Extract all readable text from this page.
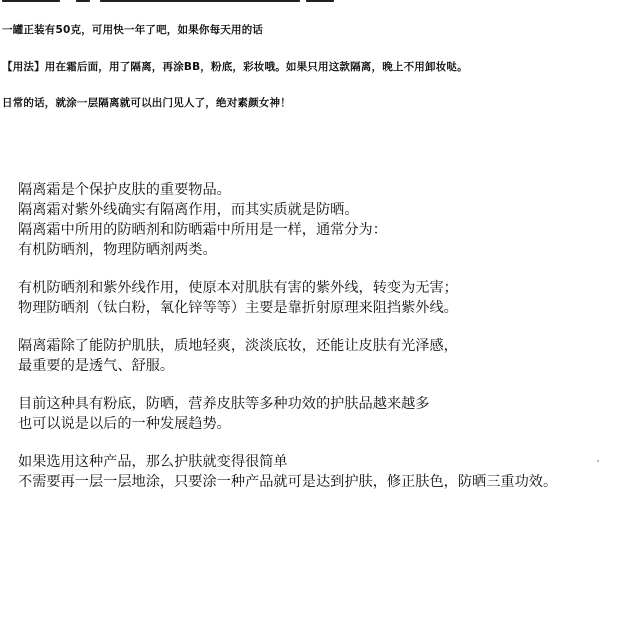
一罐正装有50克，可用快一年了吧，如果你每天用的话
【用法】用在霜后面，用了隔离，再涂BB，粉底，彩妆哦。如果只用这款隔离，晚上不用卸妆哒。
日常的话，就涂一层隔离就可以出门见人了，绝对素颜女神！
隔离霜是个保护皮肤的重要物品。
隔离霜对紫外线确实有隔离作用，而其实质就是防晒。
隔离霜中所用的防晒剂和防晒霜中所用是一样，通常分为：
有机防晒剂，物理防晒剂两类。
有机防晒剂和紫外线作用，使原本对肌肤有害的紫外线，转变为无害；
物理防晒剂（钛白粉，氧化锌等等）主要是靠折射原理来阻挡紫外线。
隔离霜除了能防护肌肤，质地轻爽，淡淡底妆，还能让皮肤有光泽感，
最重要的是透气、舒服。
目前这种具有粉底，防晒，营养皮肤等多种功效的护肤品越来越多
也可以说是以后的一种发展趋势。
如果选用这种产品，那么护肤就变得很简单
不需要再一层一层地涂，只要涂一种产品就可是达到护肤，修正肤色，防晒三重功效。
